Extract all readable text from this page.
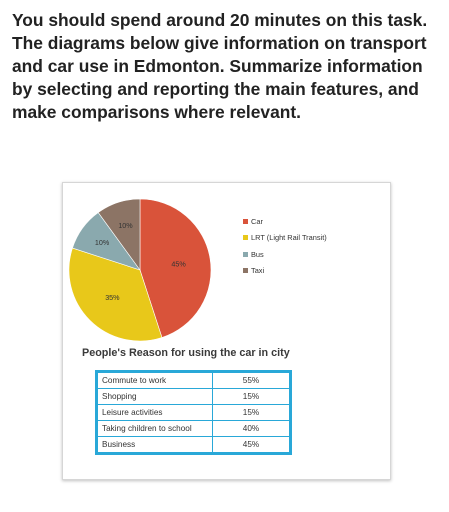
You should spend around 20 minutes on this task.
The diagrams below give information on transport
and car use in Edmonton. Summarize information
by selecting and reporting the main features, and
make comparisons where relevant.
45%
35%
10%
10%	Car
LRT (Light Rail Transit)
Bus
Taxi
People's Reason for using the car in city
Commute to work	55%
Shopping	15%
Leisure activities	15%
Taking children to school	40%
Business	45%
